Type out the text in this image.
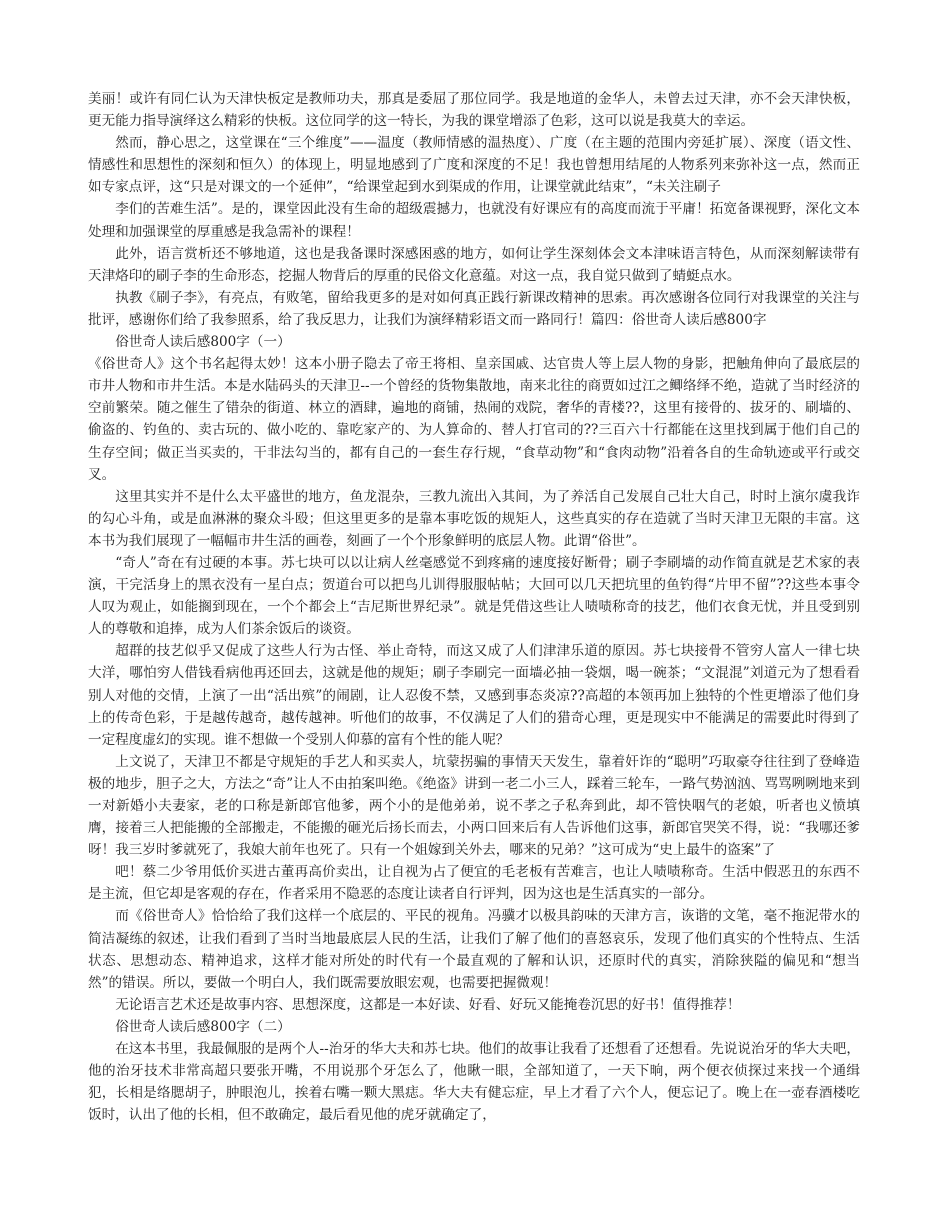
美丽！或许有同仁认为天津快板定是教师功夫，那真是委屈了那位同学。我是地道的金华人，未曾去过天津，亦不会天津快板，更无能力指导演绎这么精彩的快板。这位同学的这一特长，为我的课堂增添了色彩，这可以说是我莫大的幸运。

然而，静心思之，这堂课在“三个维度”——温度（教师情感的温热度）、广度（在主题的范围内旁延扩展）、深度（语文性、情感性和思想性的深刻和恒久）的体现上，明显地感到了广度和深度的不足！我也曾想用结尾的人物系列来弥补这一点，然而正如专家点评，这“只是对课文的一个延伸”，“给课堂起到水到渠成的作用，让课堂就此结束”，“未关注刷子

李们的苦难生活”。是的，课堂因此没有生命的超级震撼力，也就没有好课应有的高度而流于平庸！拓宽备课视野，深化文本处理和加强课堂的厚重感是我急需补的课程！

此外，语言赏析还不够地道，这也是我备课时深感困惑的地方，如何让学生深刻体会文本津味语言特色，从而深刻解读带有天津烙印的刷子李的生命形态，挖掘人物背后的厚重的民俗文化意蕴。对这一点，我自觉只做到了蜻蜓点水。

执教《刷子李》，有亮点，有败笔，留给我更多的是对如何真正践行新课改精神的思索。再次感谢各位同行对我课堂的关注与批评，感谢你们给了我参照系，给了我反思力，让我们为演绎精彩语文而一路同行！篇四：俗世奇人读后感800字

俗世奇人读后感800字（一）

《俗世奇人》这个书名起得太妙！这本小册子隐去了帝王将相、皇亲国戚、达官贵人等上层人物的身影，把触角伸向了最底层的市井人物和市井生活。本是水陆码头的天津卫--一个曾经的货物集散地，南来北往的商贾如过江之鲫络绎不绝，造就了当时经济的空前繁荣。随之催生了错杂的街道、林立的酒肆，遍地的商铺，热闹的戏院，奢华的青楼??，这里有接骨的、拔牙的、刷墙的、偷盗的、钓鱼的、卖古玩的、做小吃的、靠吃家产的、为人算命的、替人打官司的??三百六十行都能在这里找到属于他们自己的生存空间；做正当买卖的，干非法勾当的，都有自己的一套生存行规，“食草动物”和“食肉动物”沿着各自的生命轨迹或平行或交叉。

这里其实并不是什么太平盛世的地方，鱼龙混杂，三教九流出入其间，为了养活自己发展自己壮大自己，时时上演尔虞我诈的勾心斗角，或是血淋淋的聚众斗殴；但这里更多的是靠本事吃饭的规矩人，这些真实的存在造就了当时天津卫无限的丰富。这本书为我们展现了一幅幅市井生活的画卷，刻画了一个个形象鲜明的底层人物。此谓“俗世”。

“奇人”奇在有过硬的本事。苏七块可以以让病人丝毫感觉不到疼痛的速度接好断骨；刷子李刷墙的动作简直就是艺术家的表演，干完活身上的黑衣没有一星白点；贺道台可以把鸟儿训得服服帖帖；大回可以几天把坑里的鱼钓得“片甲不留”??这些本事令人叹为观止，如能搁到现在，一个个都会上“吉尼斯世界纪录”。就是凭借这些让人啧啧称奇的技艺，他们衣食无忧，并且受到别人的尊敬和追捧，成为人们茶余饭后的谈资。

超群的技艺似乎又促成了这些人行为古怪、举止奇特，而这又成了人们津津乐道的原因。苏七块接骨不管穷人富人一律七块大洋，哪怕穷人借钱看病他再还回去，这就是他的规矩；刷子李刷完一面墙必抽一袋烟，喝一碗茶；“文混混”刘道元为了想看看别人对他的交情，上演了一出“活出殡”的闹剧，让人忍俊不禁，又感到事态炎凉??高超的本领再加上独特的个性更增添了他们身上的传奇色彩，于是越传越奇，越传越神。听他们的故事，不仅满足了人们的猎奇心理，更是现实中不能满足的需要此时得到了一定程度虚幻的实现。谁不想做一个受别人仰慕的富有个性的能人呢？

上文说了，天津卫不都是守规矩的手艺人和买卖人，坑蒙拐骗的事情天天发生，靠着奸诈的“聪明”巧取豪夺往往到了登峰造极的地步，胆子之大，方法之“奇”让人不由拍案叫绝。《绝盗》讲到一老二小三人，踩着三轮车，一路气势汹汹、骂骂咧咧地来到一对新婚小夫妻家，老的口称是新郎官他爹，两个小的是他弟弟，说不孝之子私奔到此，却不管快咽气的老娘，听者也义愤填膺，接着三人把能搬的全部搬走，不能搬的砸光后扬长而去，小两口回来后有人告诉他们这事，新郎官哭笑不得，说：“我哪还爹呀！我三岁时爹就死了，我娘大前年也死了。只有一个姐嫁到关外去，哪来的兄弟？”这可成为“史上最牛的盗案”了

吧！蔡二少爷用低价买进古董再高价卖出，让自视为占了便宜的毛老板有苦难言，也让人啧啧称奇。生活中假恶丑的东西不是主流，但它却是客观的存在，作者采用不隐恶的态度让读者自行评判，因为这也是生活真实的一部分。

而《俗世奇人》恰恰给了我们这样一个底层的、平民的视角。冯骥才以极具韵味的天津方言，诙谐的文笔，毫不拖泥带水的简洁凝练的叙述，让我们看到了当时当地最底层人民的生活，让我们了解了他们的喜怒哀乐，发现了他们真实的个性特点、生活状态、思想动态、精神追求，这样才能对所处的时代有一个最直观的了解和认识，还原时代的真实，消除狭隘的偏见和“想当然”的错误。所以，要做一个明白人，我们既需要放眼宏观，也需要把握微观！

无论语言艺术还是故事内容、思想深度，这都是一本好读、好看、好玩又能掩卷沉思的好书！值得推荐！

俗世奇人读后感800字（二）

在这本书里，我最佩服的是两个人--治牙的华大夫和苏七块。他们的故事让我看了还想看了还想看。先说说治牙的华大夫吧，他的治牙技术非常高超只要张开嘴，不用说那个牙怎么了，他瞅一眼，全部知道了，一天下晌，两个便衣侦探过来找一个通缉犯，长相是络腮胡子，肿眼泡儿，挨着右嘴一颗大黑痣。华大夫有健忘症，早上才看了六个人，便忘记了。晚上在一壶春酒楼吃饭时，认出了他的长相，但不敢确定，最后看见他的虎牙就确定了，
